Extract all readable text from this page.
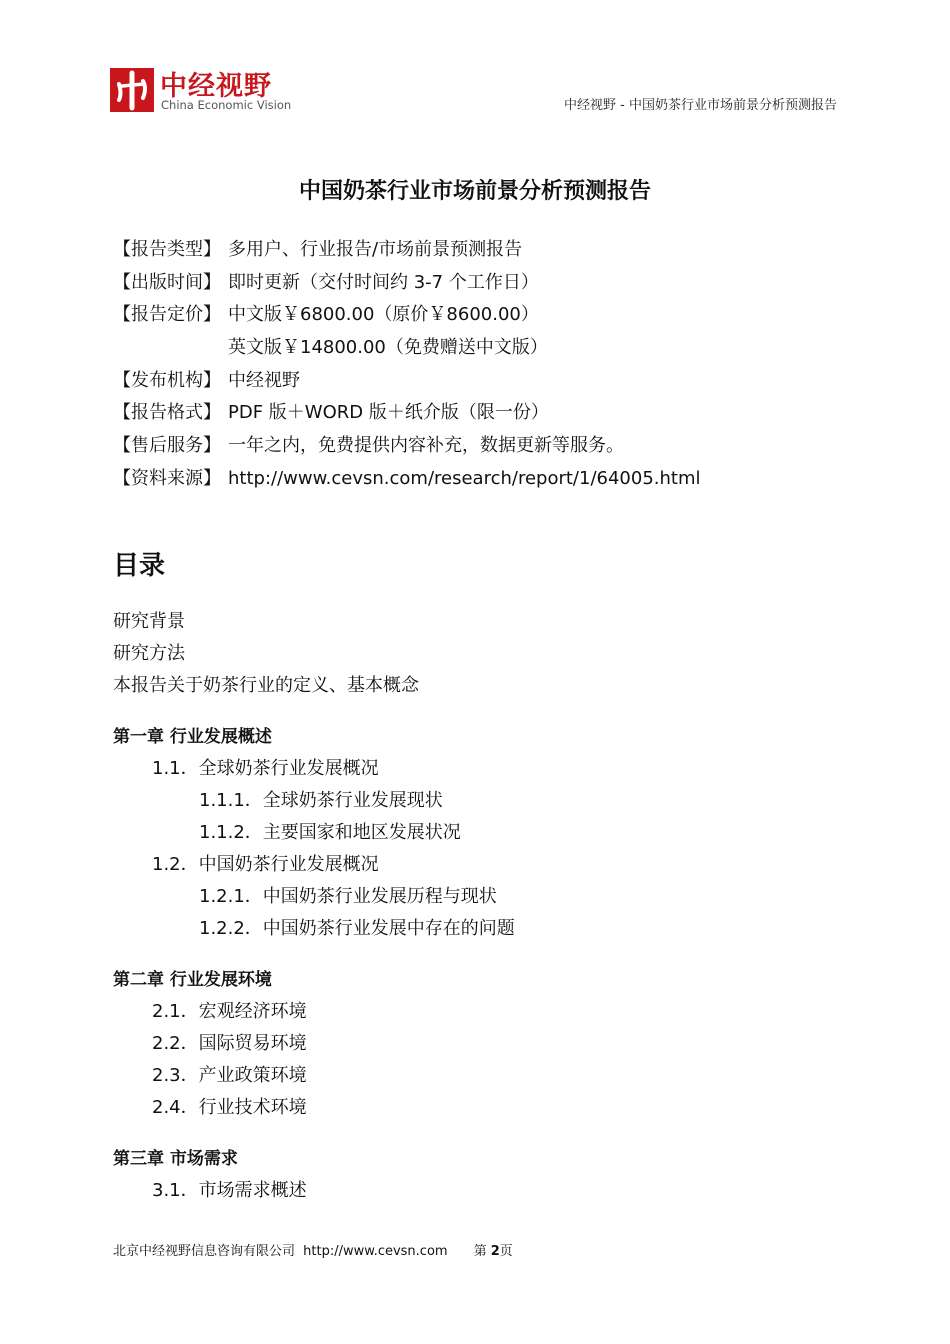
中经视野
China Economic Vision	中经视野 - 中国奶茶行业市场前景分析预测报告
中国奶茶行业市场前景分析预测报告
【报告类型】 多用户、行业报告/市场前景预测报告
【出版时间】 即时更新（交付时间约 3-7 个工作日）
【报告定价】 中文版￥6800.00（原价￥8600.00）
英文版￥14800.00（免费赠送中文版）
【发布机构】 中经视野
【报告格式】 PDF 版＋WORD 版＋纸介版（限一份）
【售后服务】 一年之内，免费提供内容补充，数据更新等服务。
【资料来源】 http://www.cevsn.com/research/report/1/64005.html
目录
研究背景
研究方法
本报告关于奶茶行业的定义、基本概念
第一章 行业发展概述
1.1．全球奶茶行业发展概况
1.1.1．全球奶茶行业发展现状
1.1.2．主要国家和地区发展状况
1.2．中国奶茶行业发展概况
1.2.1．中国奶茶行业发展历程与现状
1.2.2．中国奶茶行业发展中存在的问题
第二章 行业发展环境
2.1．宏观经济环境
2.2．国际贸易环境
2.3．产业政策环境
2.4．行业技术环境
第三章 市场需求
3.1．市场需求概述
北京中经视野信息咨询有限公司 http://www.cevsn.com 第 2页
